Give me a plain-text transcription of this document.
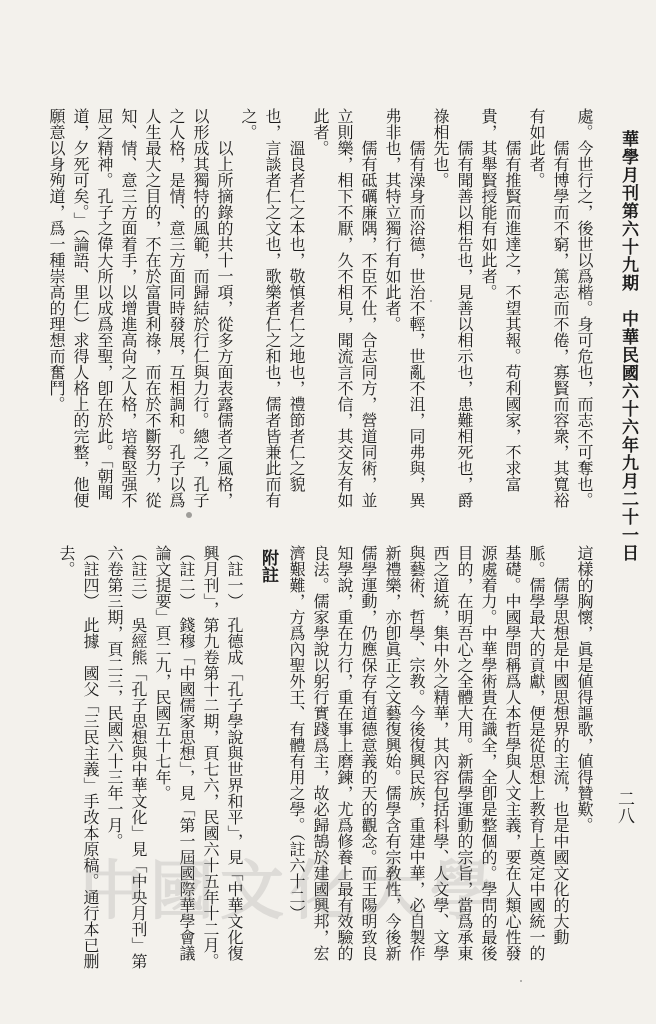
華學月刊第六十九期　中華民國六十六年九月二十一日
二八

處。今世行之，後世以爲楷。身可危也，而志不可奪也。

儒有博學而不窮，篤志而不倦，寡賢而容衆，其寬裕有如此者。

儒有推賢而進達之，不望其報。苟利國家，不求富貴，其舉賢授能有如此者。

儒有聞善以相告也，見善以相示也，患難相死也，爵祿相先也。

儒有澡身而浴德，世治不輕，世亂不沮，同弗與，異弗非也，其特立獨行有如此者。

儒有砥礪廉隅，不臣不仕，合志同方，營道同術，並立則樂，相下不厭，久不相見，聞流言不信，其交友有如此者。

溫良者仁之本也，敬慎者仁之地也，禮節者仁之貌也，言談者仁之文也，歌樂者仁之和也，儒者皆兼此而有之。

以上所摘錄的共十一項，從多方面表露儒者之風格，以形成其獨特的風範，而歸結於行仁與力行。總之，孔子之人格，是情、意三方面同時發展，互相調和。孔子以爲人生最大之目的，不在於富貴利祿，而在於不斷努力，從知、情、意三方面着手，以增進高尙之人格，培養堅强不屈之精神。孔子之偉大所以成爲至聖，卽在於此。「朝聞道，夕死可矣。」（論語、里仁）求得人格上的完整，他便願意以身殉道，爲一種崇高的理想而奮鬥。

這樣的胸懷，眞是値得謳歌，値得贊歎。

儒學思想是中國思想界的主流，也是中國文化的大動脈。儒學最大的貢獻，便是從思想上教育上奠定中國統一的基礎。中國學問稱爲人本哲學與人文主義，要在人類心性發源處着力。中華學術貴在識全，全卽是整個的。學問的最後目的，在明吾心之全體大用。新儒學運動的宗旨，當爲承東西之道統，集中外之精華，其內容包括科學、人文學、文學與藝術、哲學、宗教。今後復興民族，重建中華，必自製作新禮樂，亦卽眞正之文藝復興始。儒學含有宗敎性，今後新儒學運動，仍應保存有道德意義的天的觀念。而王陽明致良知學說，重在力行，重在事上磨鍊，尤爲修養上最有效驗的良法。儒家學說以躬行實踐爲主，故必歸鵠於建國興邦，宏濟艱難，方爲內聖外王、有體有用之學。（註六十二）

附註

（註一）　孔德成「孔子學說與世界和平」，見「中華文化復興月刊」，第九卷第十二期，頁七六，民國六十五年十二月。

（註二）　錢穆「中國儒家思想」，見「第一屆國際華學會議論文提要」頁二九，民國五十七年。

（註三）　吳經熊「孔子思想與中華文化」見「中央月刊」第六卷第三期，頁二三，民國六十三年一月。

（註四）　此據　國父「三民主義」手改本原稿。通行本已删去。

中國文化大學
